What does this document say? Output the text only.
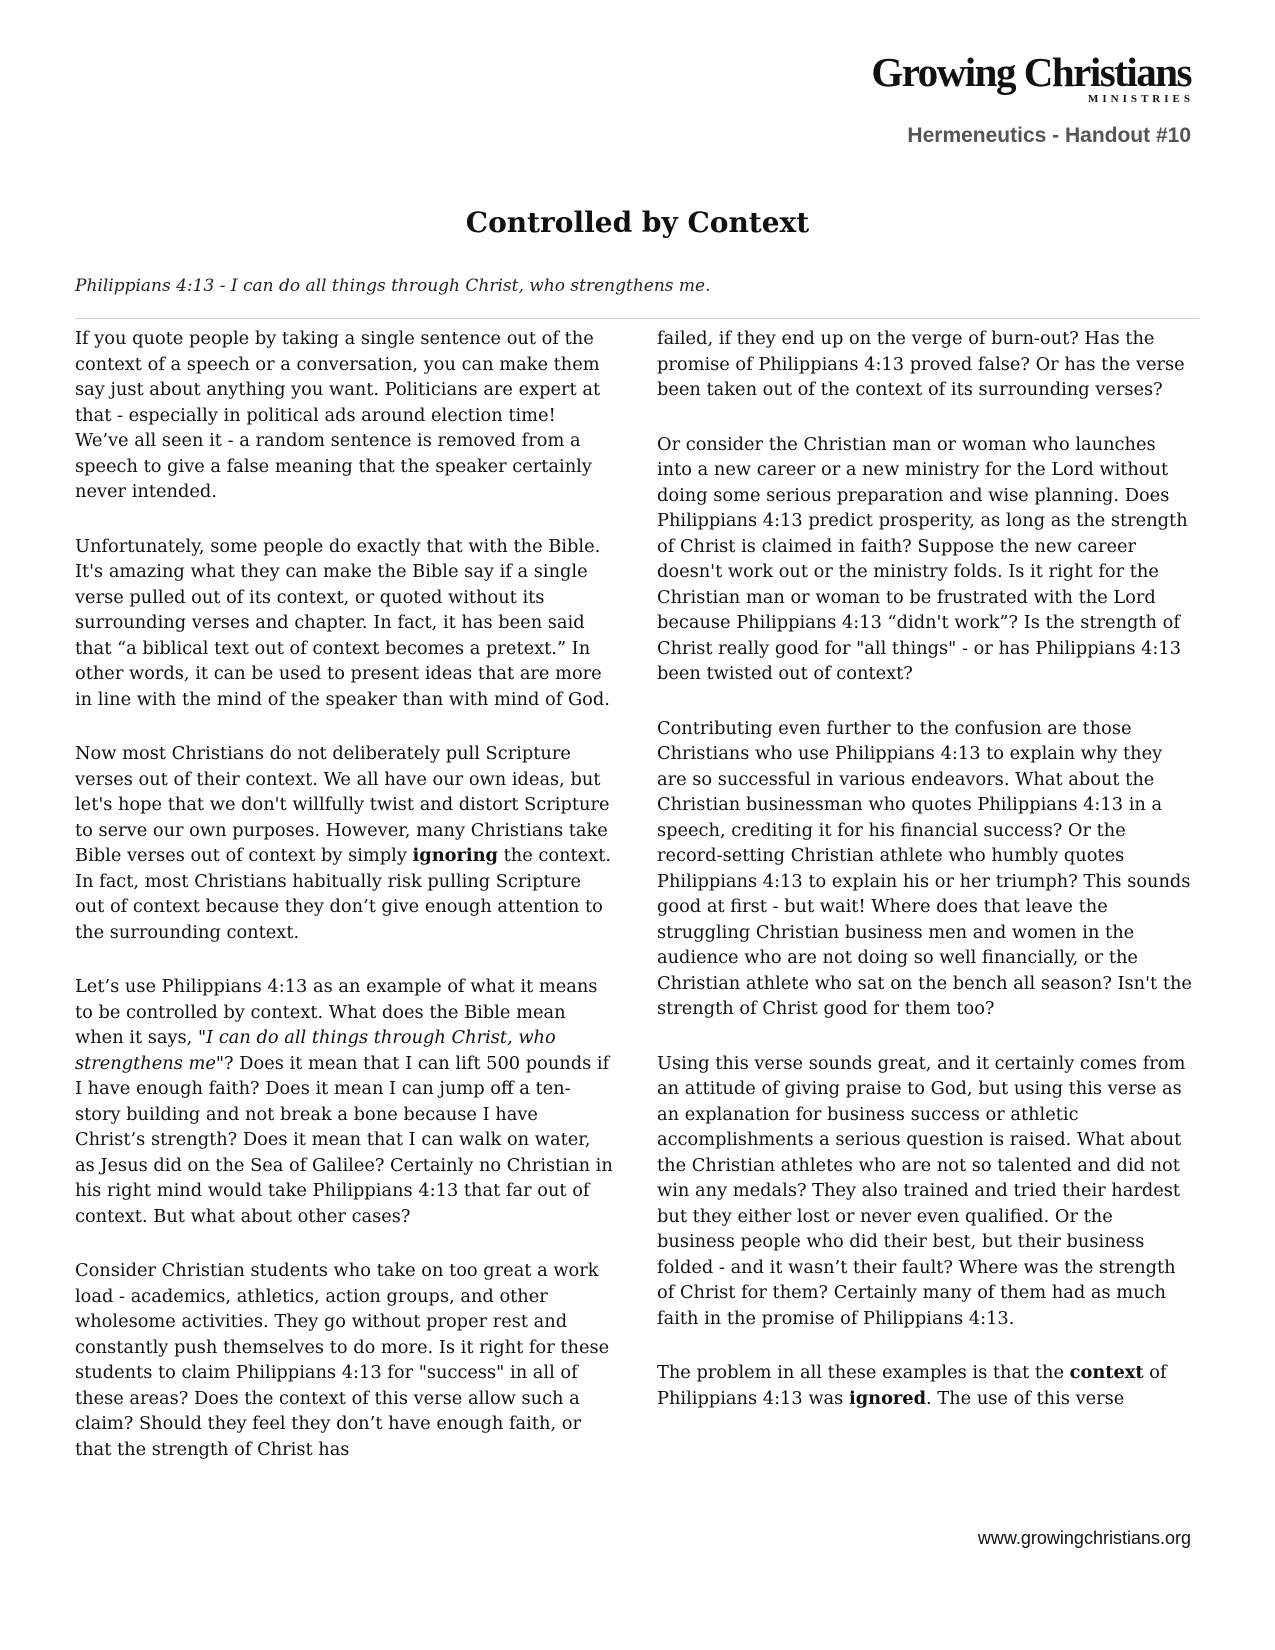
Growing Christians
MINISTRIES
Hermeneutics - Handout #10
Controlled by Context
Philippians 4:13 - I can do all things through Christ, who strengthens me.

If you quote people by taking a single sentence out of the context of a speech or a conversation, you can make them say just about anything you want. Politicians are expert at that - especially in political ads around election time! We’ve all seen it - a random sentence is removed from a speech to give a false meaning that the speaker certainly never intended.

Unfortunately, some people do exactly that with the Bible. It's amazing what they can make the Bible say if a single verse pulled out of its context, or quoted without its surrounding verses and chapter. In fact, it has been said that “a biblical text out of context becomes a pretext.” In other words, it can be used to present ideas that are more in line with the mind of the speaker than with mind of God.

Now most Christians do not deliberately pull Scripture verses out of their context. We all have our own ideas, but let's hope that we don't willfully twist and distort Scripture to serve our own purposes. However, many Christians take Bible verses out of context by simply ignoring the context. In fact, most Christians habitually risk pulling Scripture out of context because they don’t give enough attention to the surrounding context.

Let’s use Philippians 4:13 as an example of what it means to be controlled by context. What does the Bible mean when it says, "I can do all things through Christ, who strengthens me"? Does it mean that I can lift 500 pounds if I have enough faith? Does it mean I can jump off a ten-story building and not break a bone because I have Christ’s strength? Does it mean that I can walk on water, as Jesus did on the Sea of Galilee? Certainly no Christian in his right mind would take Philippians 4:13 that far out of context. But what about other cases?

Consider Christian students who take on too great a work load - academics, athletics, action groups, and other wholesome activities. They go without proper rest and constantly push themselves to do more. Is it right for these students to claim Philippians 4:13 for "success" in all of these areas? Does the context of this verse allow such a claim? Should they feel they don’t have enough faith, or that the strength of Christ has

failed, if they end up on the verge of burn-out? Has the promise of Philippians 4:13 proved false? Or has the verse been taken out of the context of its surrounding verses?

Or consider the Christian man or woman who launches into a new career or a new ministry for the Lord without doing some serious preparation and wise planning. Does Philippians 4:13 predict prosperity, as long as the strength of Christ is claimed in faith? Suppose the new career doesn't work out or the ministry folds. Is it right for the Christian man or woman to be frustrated with the Lord because Philippians 4:13 “didn't work”? Is the strength of Christ really good for "all things" - or has Philippians 4:13 been twisted out of context?

Contributing even further to the confusion are those Christians who use Philippians 4:13 to explain why they are so successful in various endeavors. What about the Christian businessman who quotes Philippians 4:13 in a speech, crediting it for his financial success? Or the record-setting Christian athlete who humbly quotes Philippians 4:13 to explain his or her triumph? This sounds good at first - but wait! Where does that leave the struggling Christian business men and women in the audience who are not doing so well financially, or the Christian athlete who sat on the bench all season? Isn't the strength of Christ good for them too?

Using this verse sounds great, and it certainly comes from an attitude of giving praise to God, but using this verse as an explanation for business success or athletic accomplishments a serious question is raised. What about the Christian athletes who are not so talented and did not win any medals? They also trained and tried their hardest but they either lost or never even qualified. Or the business people who did their best, but their business folded - and it wasn’t their fault? Where was the strength of Christ for them? Certainly many of them had as much faith in the promise of Philippians 4:13.

The problem in all these examples is that the context of Philippians 4:13 was ignored. The use of this verse

www.growingchristians.org
